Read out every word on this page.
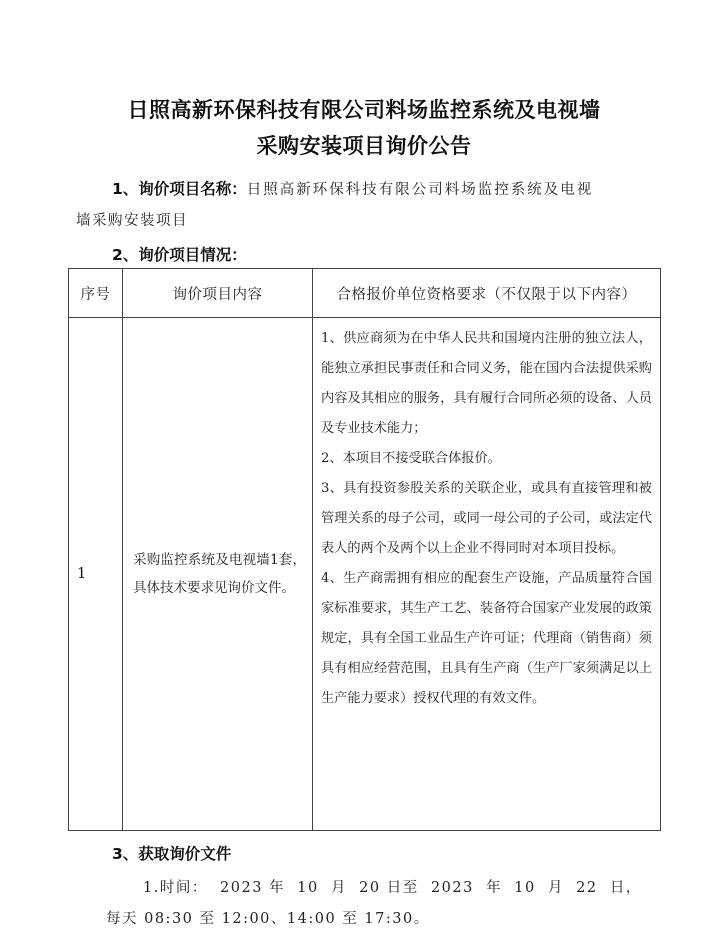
日照高新环保科技有限公司料场监控系统及电视墙
采购安装项目询价公告
1、询价项目名称：日照高新环保科技有限公司料场监控系统及电视
墙采购安装项目
2、询价项目情况：
序号	询价项目内容	合格报价单位资格要求（不仅限于以下内容）
1	采购监控系统及电视墙1套，具体技术要求见询价文件。	1、供应商须为在中华人民共和国境内注册的独立法人，能独立承担民事责任和合同义务，能在国内合法提供采购内容及其相应的服务，具有履行合同所必须的设备、人员及专业技术能力；

2、本项目不接受联合体报价。

3、具有投资参股关系的关联企业，或具有直接管理和被管理关系的母子公司，或同一母公司的子公司，或法定代表人的两个及两个以上企业不得同时对本项目投标。

4、生产商需拥有相应的配套生产设施，产品质量符合国家标准要求，其生产工艺、装备符合国家产业发展的政策规定，具有全国工业品生产许可证；代理商（销售商）须具有相应经营范围，且具有生产商（生产厂家须满足以上生产能力要求）授权代理的有效文件。

3、获取询价文件
1.时间：  2023 年  10  月  20 日至  2023  年  10  月  22  日，
每天 08:30 至 12:00、14:00 至 17:30。
